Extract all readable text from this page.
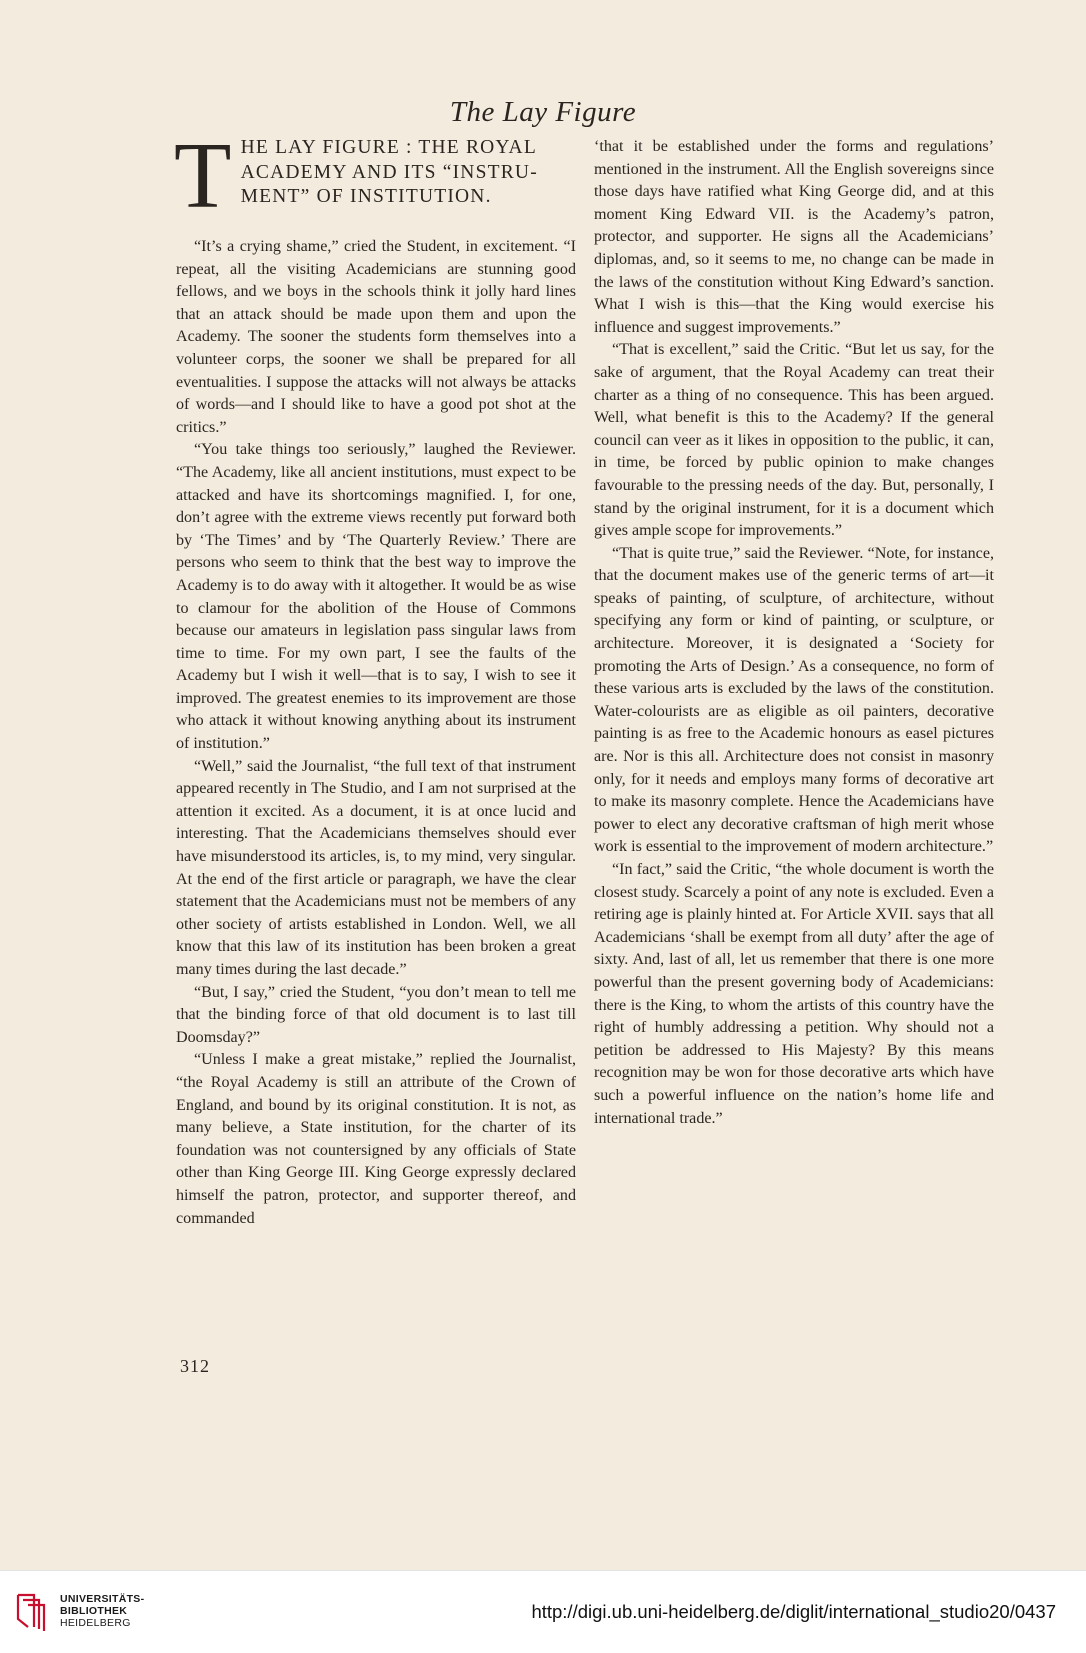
The Lay Figure
T HE LAY FIGURE : THE ROYAL
ACADEMY AND ITS “INSTRU-
MENT” OF INSTITUTION.

“It’s a crying shame,” cried the Student, in excitement. “I repeat, all the visiting Academicians are stunning good fellows, and we boys in the schools think it jolly hard lines that an attack should be made upon them and upon the Academy. The sooner the students form themselves into a volunteer corps, the sooner we shall be prepared for all eventualities. I suppose the attacks will not always be attacks of words—and I should like to have a good pot shot at the critics.”

“You take things too seriously,” laughed the Reviewer. “The Academy, like all ancient institutions, must expect to be attacked and have its shortcomings magnified. I, for one, don’t agree with the extreme views recently put forward both by ‘The Times’ and by ‘The Quarterly Review.’ There are persons who seem to think that the best way to improve the Academy is to do away with it altogether. It would be as wise to clamour for the abolition of the House of Commons because our amateurs in legislation pass singular laws from time to time. For my own part, I see the faults of the Academy but I wish it well—that is to say, I wish to see it improved. The greatest enemies to its improvement are those who attack it without knowing anything about its instrument of institution.”

“Well,” said the Journalist, “the full text of that instrument appeared recently in The Studio, and I am not surprised at the attention it excited. As a document, it is at once lucid and interesting. That the Academicians themselves should ever have misunderstood its articles, is, to my mind, very singular. At the end of the first article or paragraph, we have the clear statement that the Academicians must not be members of any other society of artists established in London. Well, we all know that this law of its institution has been broken a great many times during the last decade.”

“But, I say,” cried the Student, “you don’t mean to tell me that the binding force of that old document is to last till Doomsday?”

“Unless I make a great mistake,” replied the Journalist, “the Royal Academy is still an attribute of the Crown of England, and bound by its original constitution. It is not, as many believe, a State institution, for the charter of its foundation was not countersigned by any officials of State other than King George III. King George expressly declared himself the patron, protector, and supporter thereof, and commanded

‘that it be established under the forms and regulations’ mentioned in the instrument. All the English sovereigns since those days have ratified what King George did, and at this moment King Edward VII. is the Academy’s patron, protector, and supporter. He signs all the Academicians’ diplomas, and, so it seems to me, no change can be made in the laws of the constitution without King Edward’s sanction. What I wish is this—that the King would exercise his influence and suggest improvements.”

“That is excellent,” said the Critic. “But let us say, for the sake of argument, that the Royal Academy can treat their charter as a thing of no consequence. This has been argued. Well, what benefit is this to the Academy? If the general council can veer as it likes in opposition to the public, it can, in time, be forced by public opinion to make changes favourable to the pressing needs of the day. But, personally, I stand by the original instrument, for it is a document which gives ample scope for improvements.”

“That is quite true,” said the Reviewer. “Note, for instance, that the document makes use of the generic terms of art—it speaks of painting, of sculpture, of architecture, without specifying any form or kind of painting, or sculpture, or architecture. Moreover, it is designated a ‘Society for promoting the Arts of Design.’ As a consequence, no form of these various arts is excluded by the laws of the constitution. Water-colourists are as eligible as oil painters, decorative painting is as free to the Academic honours as easel pictures are. Nor is this all. Architecture does not consist in masonry only, for it needs and employs many forms of decorative art to make its masonry complete. Hence the Academicians have power to elect any decorative craftsman of high merit whose work is essential to the improvement of modern architecture.”

“In fact,” said the Critic, “the whole document is worth the closest study. Scarcely a point of any note is excluded. Even a retiring age is plainly hinted at. For Article XVII. says that all Academicians ‘shall be exempt from all duty’ after the age of sixty. And, last of all, let us remember that there is one more powerful than the present governing body of Academicians: there is the King, to whom the artists of this country have the right of humbly addressing a petition. Why should not a petition be addressed to His Majesty? By this means recognition may be won for those decorative arts which have such a powerful influence on the nation’s home life and international trade.”

312
UNIVERSITÄTS-
BIBLIOTHEK
HEIDELBERG
http://digi.ub.uni-heidelberg.de/diglit/international_studio20/0437
